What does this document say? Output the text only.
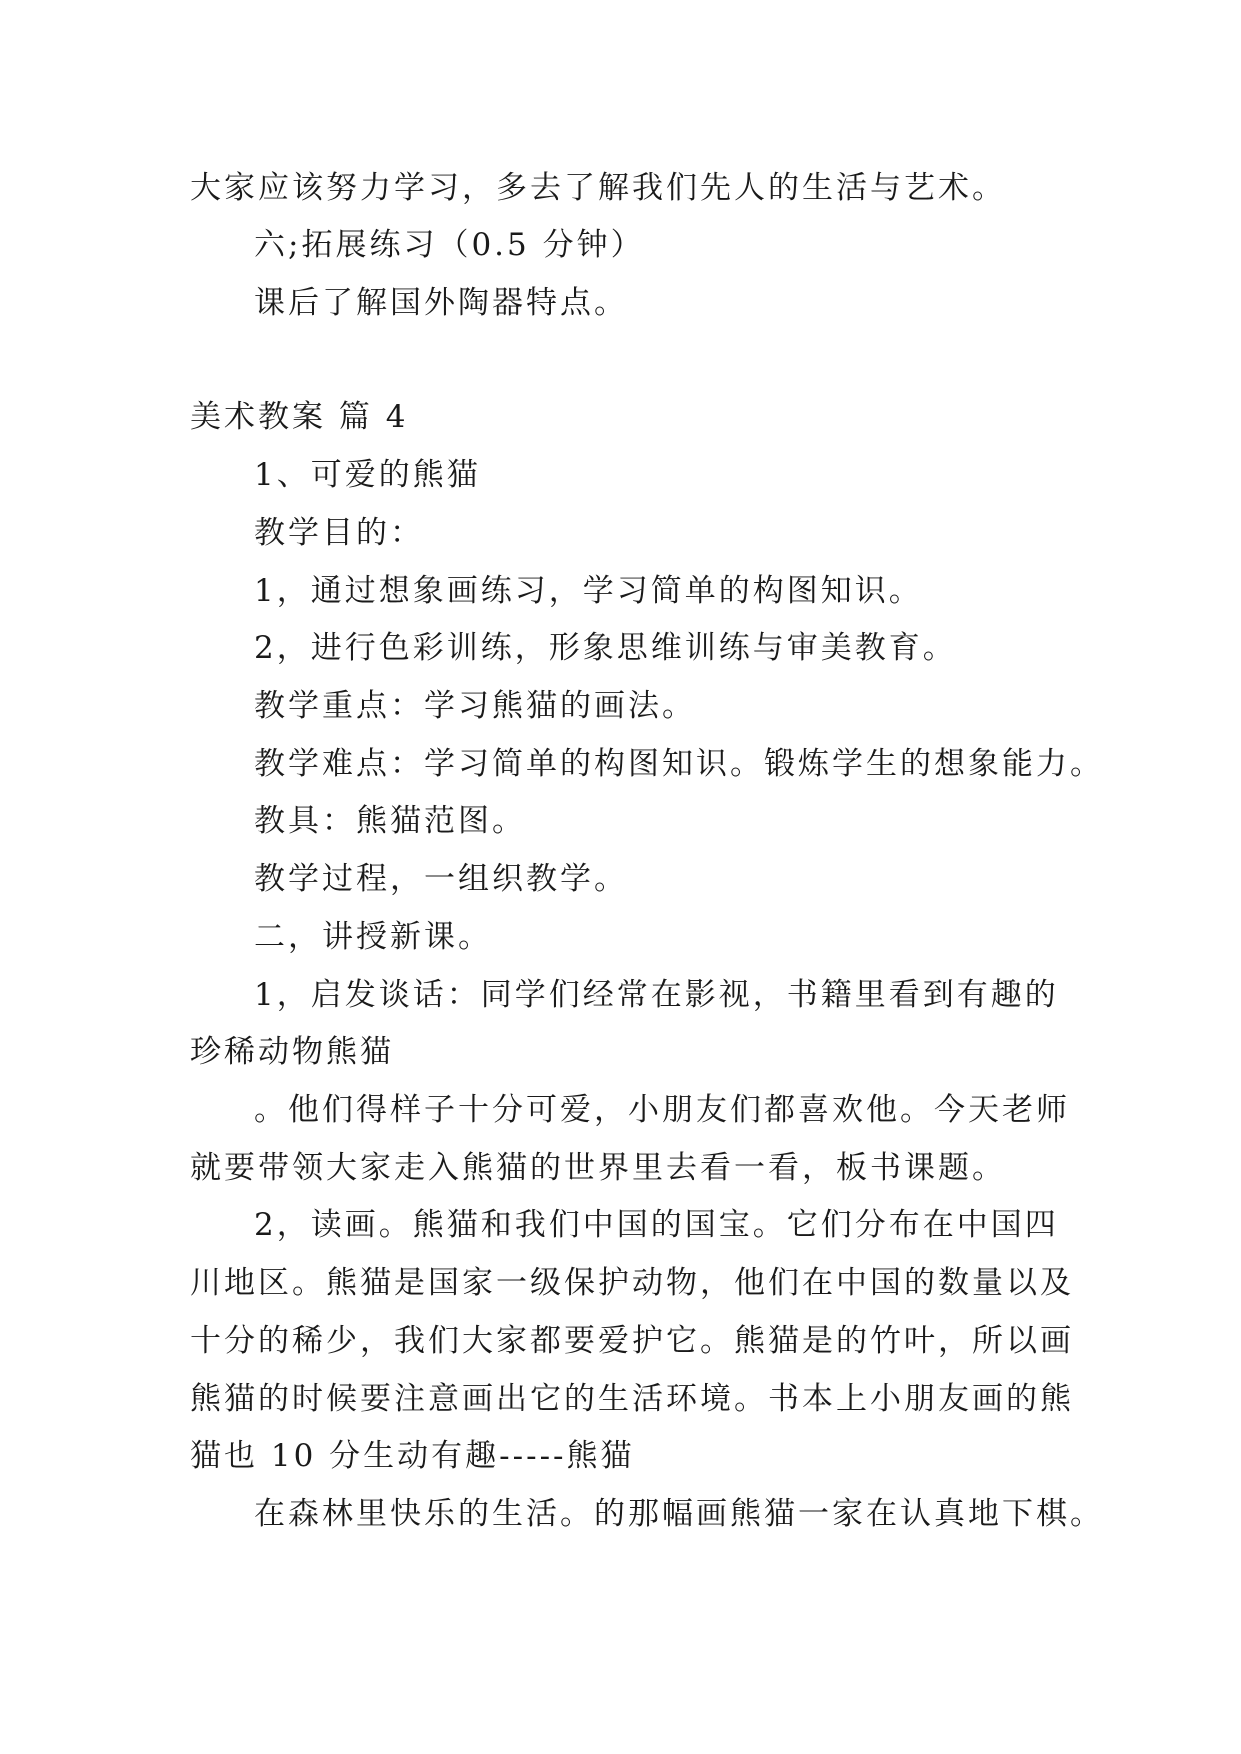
大家应该努力学习，多去了解我们先人的生活与艺术。
六;拓展练习（0.5 分钟）
课后了解国外陶器特点。
美术教案 篇 4
1、可爱的熊猫
教学目的：
1，通过想象画练习，学习简单的构图知识。
2，进行色彩训练，形象思维训练与审美教育。
教学重点：学习熊猫的画法。
教学难点：学习简单的构图知识。锻炼学生的想象能力。
教具：熊猫范图。
教学过程，一组织教学。
二，讲授新课。
1，启发谈话：同学们经常在影视，书籍里看到有趣的
珍稀动物熊猫
。他们得样子十分可爱，小朋友们都喜欢他。今天老师
就要带领大家走入熊猫的世界里去看一看，板书课题。
2，读画。熊猫和我们中国的国宝。它们分布在中国四
川地区。熊猫是国家一级保护动物，他们在中国的数量以及
十分的稀少，我们大家都要爱护它。熊猫是的竹叶，所以画
熊猫的时候要注意画出它的生活环境。书本上小朋友画的熊
猫也 10 分生动有趣-----熊猫
在森林里快乐的生活。的那幅画熊猫一家在认真地下棋。
